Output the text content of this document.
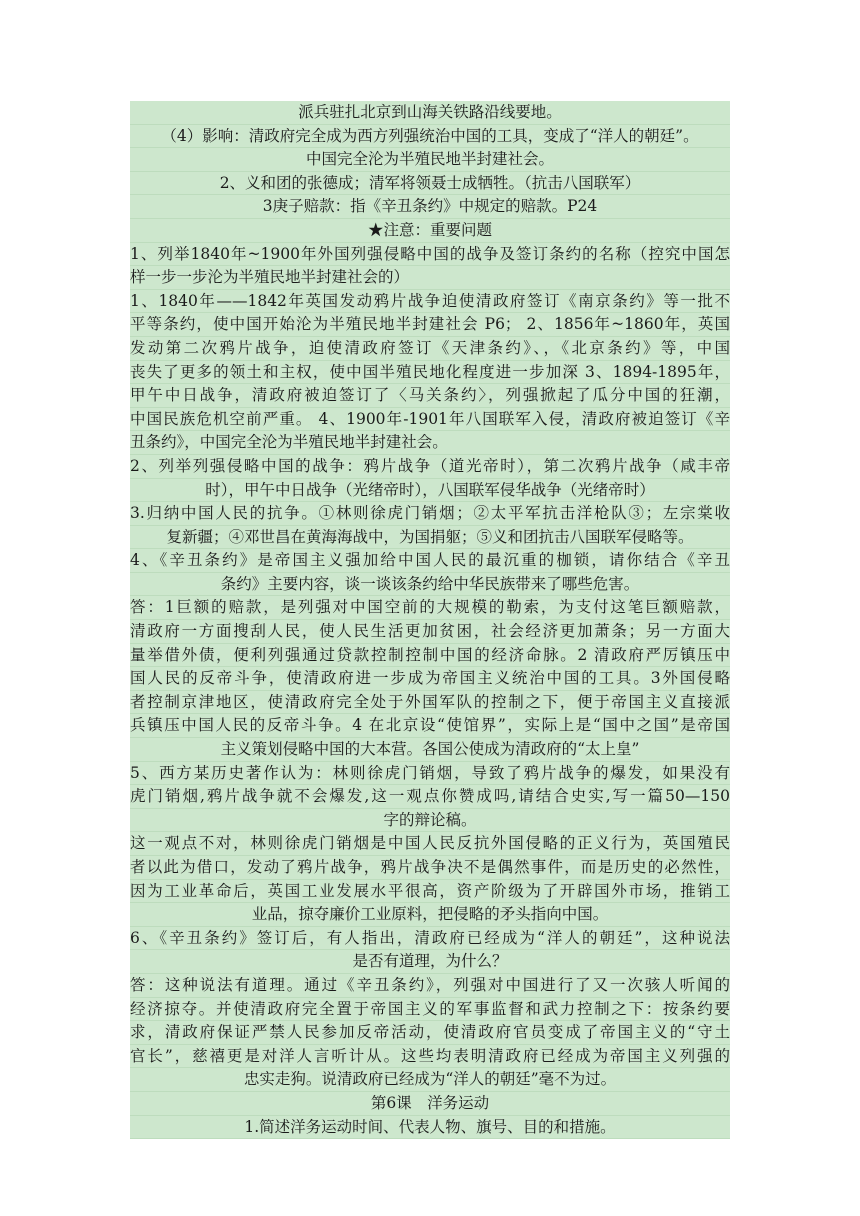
派兵驻扎北京到山海关铁路沿线要地。
（4）影响：清政府完全成为西方列强统治中国的工具，变成了“洋人的朝廷”。
中国完全沦为半殖民地半封建社会。
2、义和团的张德成；清军将领聂士成牺牲。（抗击八国联军）
3庚子赔款：指《辛丑条约》中规定的赔款。P24
★注意：重要问题
1、列举1840年~1900年外国列强侵略中国的战争及签订条约的名称（控究中国怎
样一步一步沦为半殖民地半封建社会的）
1、1840年——1842年英国发动鸦片战争迫使清政府签订《南京条约》等一批不
平等条约，使中国开始沦为半殖民地半封建社会 P6； 2、1856年~1860年，英国
发动第二次鸦片战争，迫使清政府签订《天津条约》、，《北京条约》等，中国
丧失了更多的领土和主权，使中国半殖民地化程度进一步加深 3、1894-1895年，
甲午中日战争，清政府被迫签订了〈马关条约〉，列强掀起了瓜分中国的狂潮，
中国民族危机空前严重。 4、1900年-1901年八国联军入侵，清政府被迫签订《辛
丑条约》，中国完全沦为半殖民地半封建社会。
2、列举列强侵略中国的战争：鸦片战争（道光帝时），第二次鸦片战争（咸丰帝
时），甲午中日战争（光绪帝时），八国联军侵华战争（光绪帝时）
3.归纳中国人民的抗争。①林则徐虎门销烟；②太平军抗击洋枪队③；左宗棠收
复新疆；④邓世昌在黄海海战中，为国捐躯；⑤义和团抗击八国联军侵略等。
4、《辛丑条约》是帝国主义强加给中国人民的最沉重的枷锁，请你结合《辛丑
条约》主要内容，谈一谈该条约给中华民族带来了哪些危害。
答：1巨额的赔款，是列强对中国空前的大规模的勒索，为支付这笔巨额赔款，
清政府一方面搜刮人民，使人民生活更加贫困，社会经济更加萧条；另一方面大
量举借外债，便利列强通过贷款控制控制中国的经济命脉。2 清政府严厉镇压中
国人民的反帝斗争，使清政府进一步成为帝国主义统治中国的工具。3外国侵略
者控制京津地区，使清政府完全处于外国军队的控制之下，便于帝国主义直接派
兵镇压中国人民的反帝斗争。4 在北京设“使馆界”，实际上是“国中之国”是帝国
主义策划侵略中国的大本营。各国公使成为清政府的“太上皇”
5、西方某历史著作认为：林则徐虎门销烟，导致了鸦片战争的爆发，如果没有
虎门销烟,鸦片战争就不会爆发,这一观点你赞成吗,请结合史实,写一篇50—150
字的辩论稿。
这一观点不对，林则徐虎门销烟是中国人民反抗外国侵略的正义行为，英国殖民
者以此为借口，发动了鸦片战争，鸦片战争决不是偶然事件，而是历史的必然性，
因为工业革命后，英国工业发展水平很高，资产阶级为了开辟国外市场，推销工
业品，掠夺廉价工业原料，把侵略的矛头指向中国。
6、《辛丑条约》签订后，有人指出，清政府已经成为“洋人的朝廷”，这种说法
是否有道理，为什么？
答：这种说法有道理。通过《辛丑条约》，列强对中国进行了又一次骇人听闻的
经济掠夺。并使清政府完全置于帝国主义的军事监督和武力控制之下：按条约要
求，清政府保证严禁人民参加反帝活动，使清政府官员变成了帝国主义的“守土
官长”，慈禧更是对洋人言听计从。这些均表明清政府已经成为帝国主义列强的
忠实走狗。说清政府已经成为“洋人的朝廷”毫不为过。
第6课　洋务运动
1.简述洋务运动时间、代表人物、旗号、目的和措施。
